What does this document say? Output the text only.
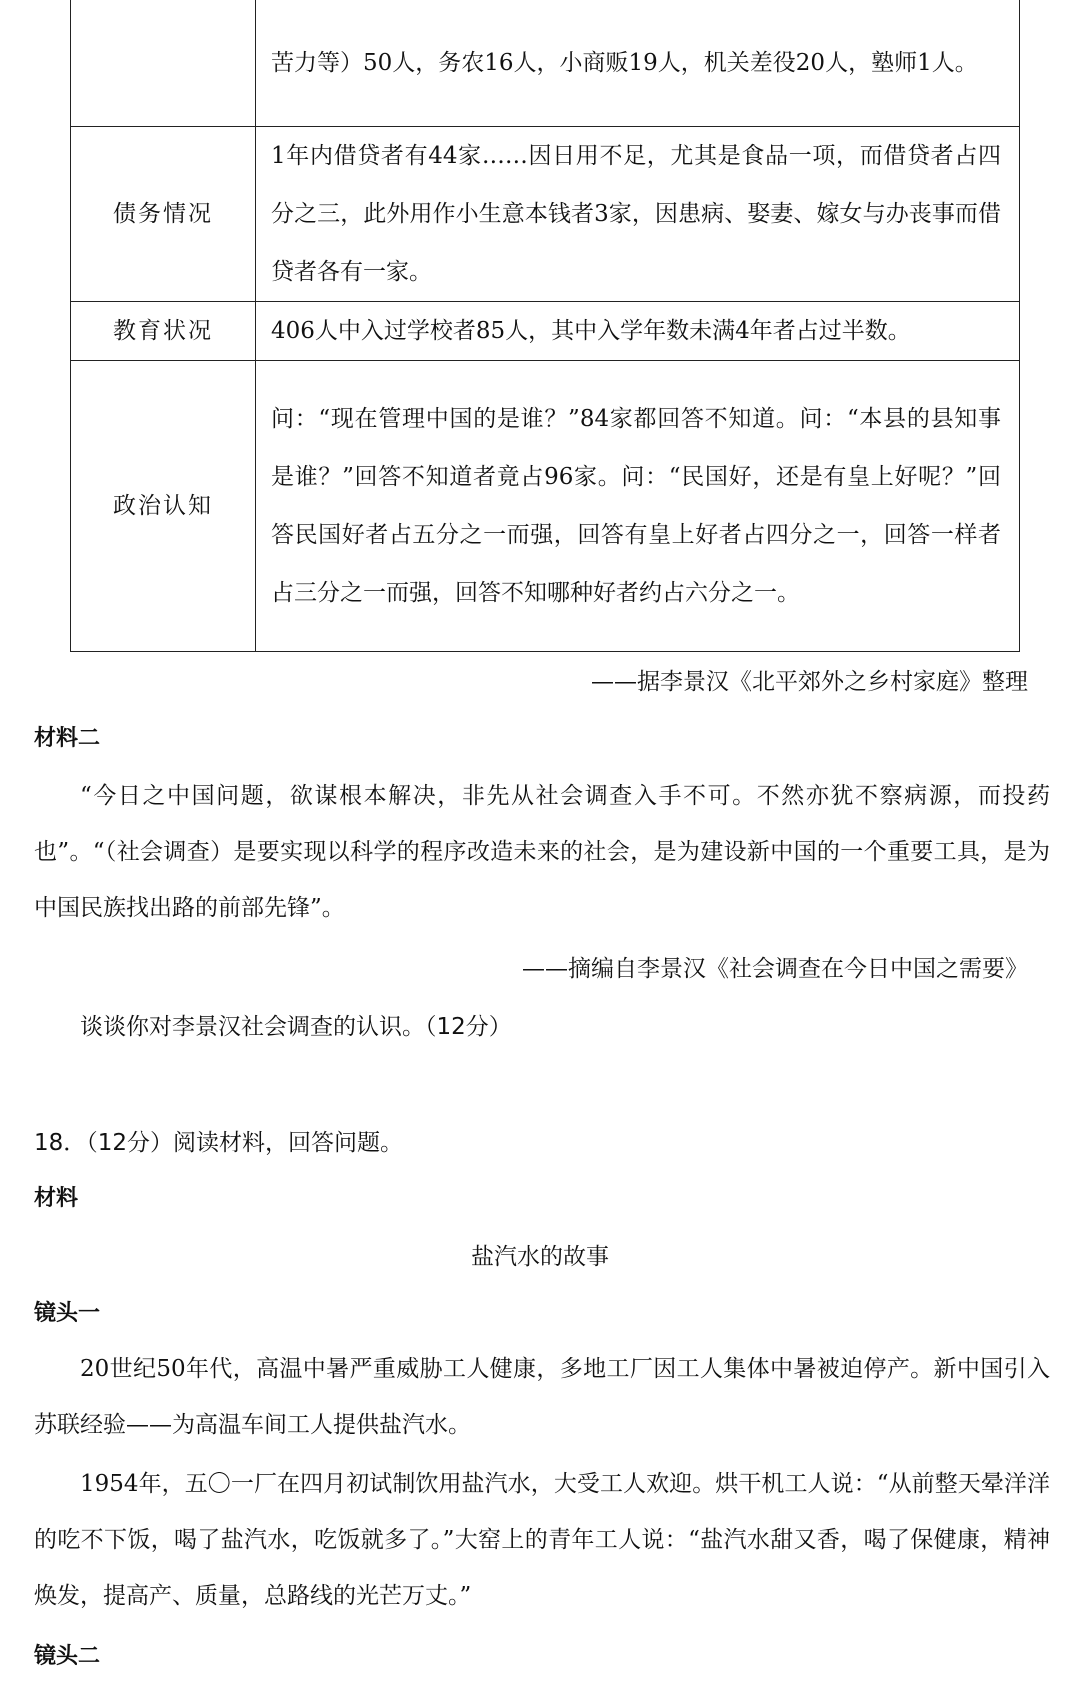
	苦力等）50人，务农16人，小商贩19人，机关差役20人，塾师1人。
债务情况	1年内借贷者有44家……因日用不足，尤其是食品一项，而借贷者占四分之三，此外用作小生意本钱者3家，因患病、娶妻、嫁女与办丧事而借贷者各有一家。
教育状况	406人中入过学校者85人，其中入学年数未满4年者占过半数。
政治认知	问：“现在管理中国的是谁？”84家都回答不知道。问：“本县的县知事是谁？”回答不知道者竟占96家。问：“民国好，还是有皇上好呢？”回答民国好者占五分之一而强，回答有皇上好者占四分之一，回答一样者占三分之一而强，回答不知哪种好者约占六分之一。
——据李景汉《北平郊外之乡村家庭》整理
材料二
“今日之中国问题，欲谋根本解决，非先从社会调查入手不可。不然亦犹不察病源，而投药也”。“（社会调查）是要实现以科学的程序改造未来的社会，是为建设新中国的一个重要工具，是为中国民族找出路的前部先锋”。
——摘编自李景汉《社会调查在今日中国之需要》
谈谈你对李景汉社会调查的认识。（12分）
18．（12分）阅读材料，回答问题。
材料
盐汽水的故事
镜头一
20世纪50年代，高温中暑严重威胁工人健康，多地工厂因工人集体中暑被迫停产。新中国引入苏联经验——为高温车间工人提供盐汽水。
1954年，五〇一厂在四月初试制饮用盐汽水，大受工人欢迎。烘干机工人说：“从前整天晕洋洋的吃不下饭，喝了盐汽水，吃饭就多了。”大窑上的青年工人说：“盐汽水甜又香，喝了保健康，精神焕发，提高产、质量，总路线的光芒万丈。”
镜头二
